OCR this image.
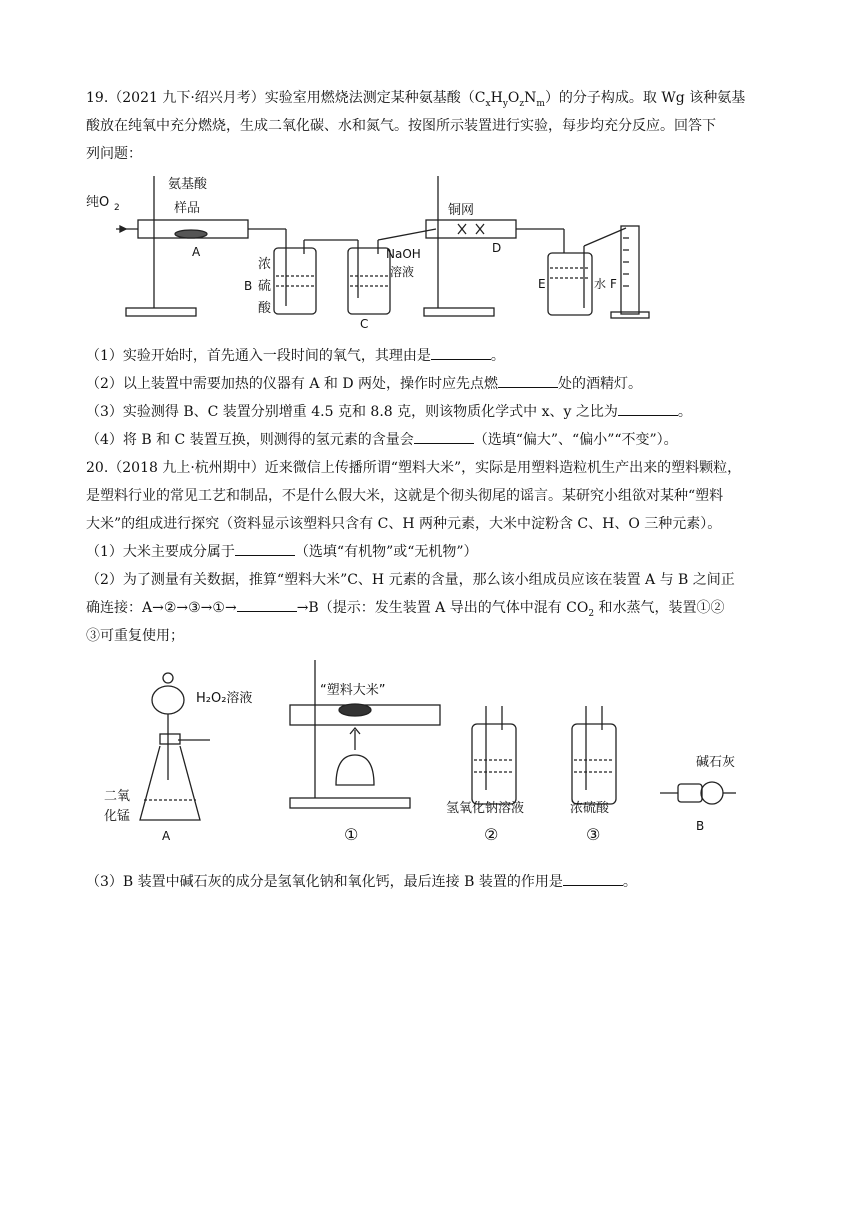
19.（2021 九下·绍兴月考）实验室用燃烧法测定某种氨基酸$(C_xH_yO_zN_m)$的分子构成。取 Wg 该种氨基

酸放在纯氧中充分燃烧，生成二氧化碳、水和氮气。按图所示装置进行实验，每步均充分反应。回答下

列问题：

纯O 2
氨基酸
样品
A
浓
B 硫
酸
NaOH
溶液
C
铜网
D
E	水 F

（1）实验开始时，首先通入一段时间的氧气，其理由是	。

（2）以上装置中需要加热的仪器有 A 和 D 两处，操作时应先点燃	处的酒精灯。

（3）实验测得 B、C 装置分别增重 4.5 克和 8.8 克，则该物质化学式中 x、y 之比为	。

（4）将 B 和 C 装置互换，则测得的氢元素的含量会	（选填“偏大”、“偏小”“不变”）。

20.（2018 九上·杭州期中）近来微信上传播所谓“塑料大米”，实际是用塑料造粒机生产出来的塑料颗粒，

是塑料行业的常见工艺和制品，不是什么假大米，这就是个彻头彻尾的谣言。某研究小组欲对某种“塑料

大米”的组成进行探究（资料显示该塑料只含有 C、H 两种元素，大米中淀粉含 C、H、O 三种元素）。

（1）大米主要成分属于	（选填“有机物”或“无机物”）

（2）为了测量有关数据，推算“塑料大米”C、H 元素的含量，那么该小组成员应该在装置 A 与 B 之间正

确连接：A→②→③→①→	→B（提示：发生装置 A 导出的气体中混有 $CO_2$ 和水蒸气，装置①②

③可重复使用；

H₂O₂溶液
二氧
化锰
A
“塑料大米”
①
氢氧化钠溶液
②
浓硫酸
③
碱石灰
B

（3）B 装置中碱石灰的成分是氢氧化钠和氧化钙，最后连接 B 装置的作用是	。
